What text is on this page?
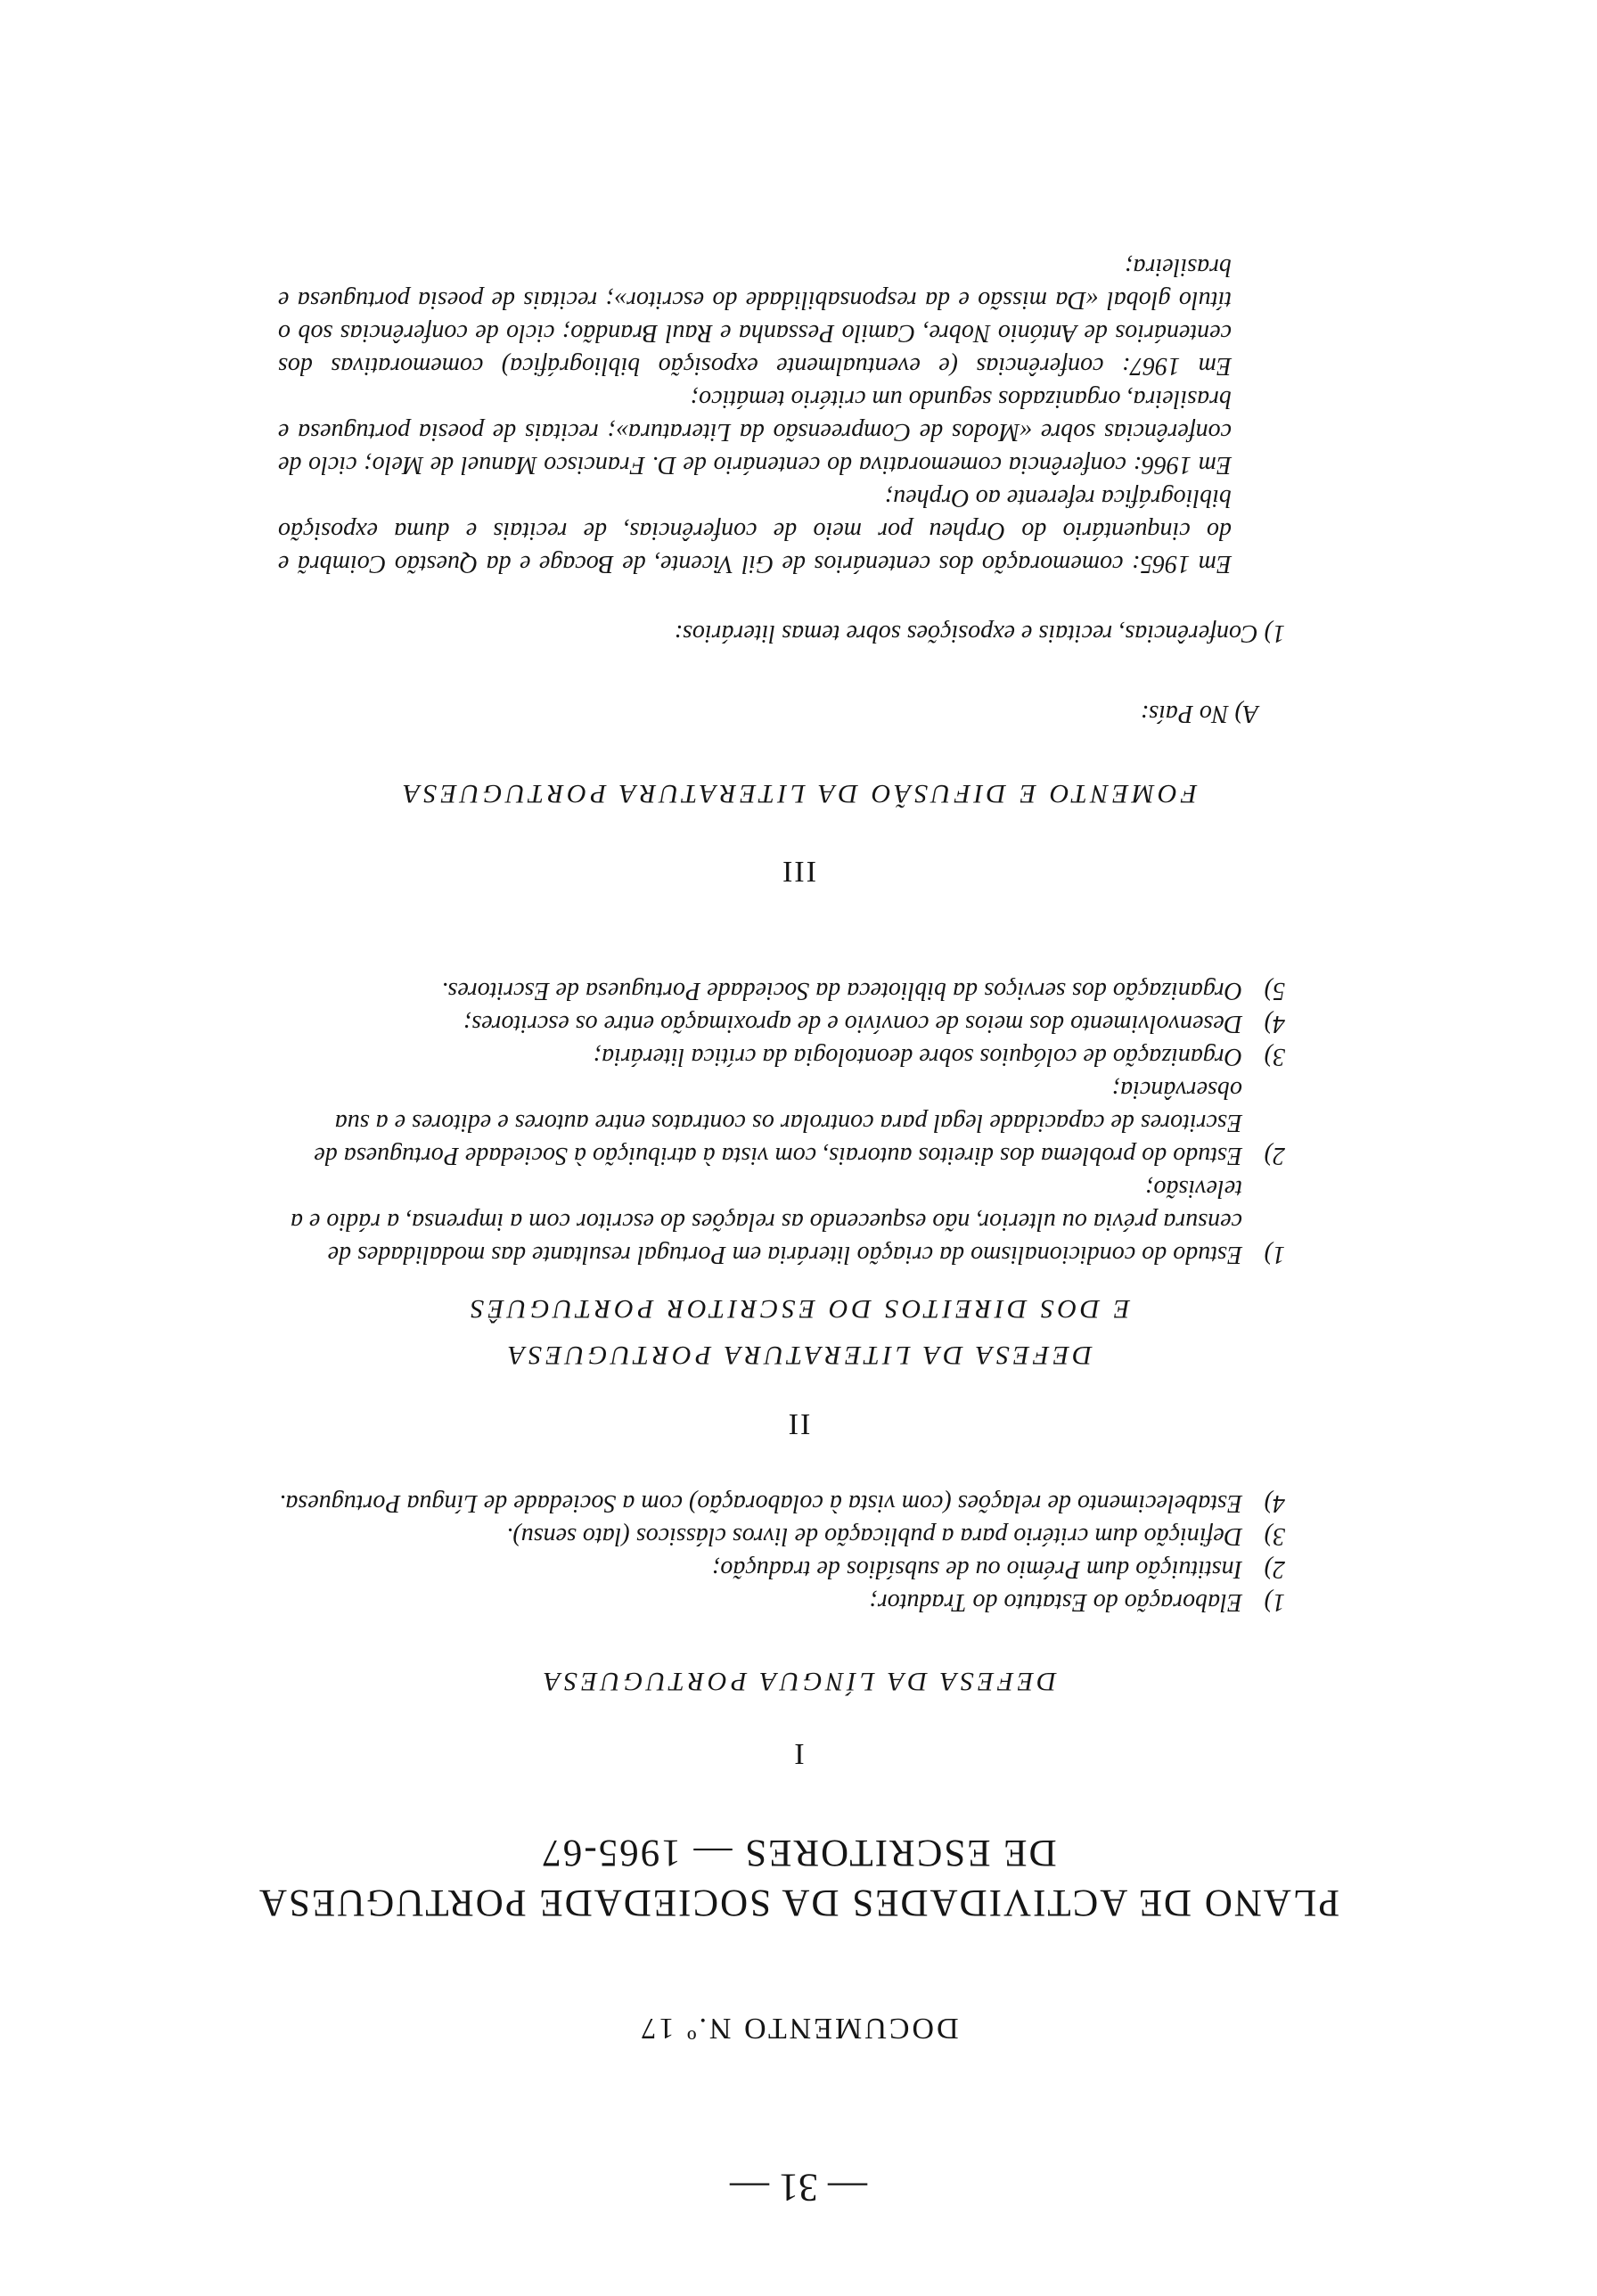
— 31 —
DOCUMENTO N.º 17
PLANO DE ACTIVIDADES DA SOCIEDADE PORTUGUESA
DE ESCRITORES — 1965-67
I
DEFESA DA LÍNGUA PORTUGUESA
1)
Elaboração do Estatuto do Tradutor;
2)
Instituição dum Prémio ou de subsídios de tradução;
3)
Definição dum critério para a publicação de livros clássicos (lato sensu).
4)
Estabelecimento de relações (com vista à colaboração) com a Sociedade de Língua Portuguesa.
II
DEFESA DA LITERATURA PORTUGUESA
E DOS DIREITOS DO ESCRITOR PORTUGUÊS
1)
Estudo do condicionalismo da criação literária em Portugal resultante das modalidades de censura prévia ou ulterior, não esquecendo as relações do escritor com a imprensa, a rádio e a televisão;
2)
Estudo do problema dos direitos autorais, com vista à atribuição à Sociedade Portuguesa de Escritores de capacidade legal para controlar os contratos entre autores e editores e a sua observância;
3)
Organização de colóquios sobre deontologia da crítica literária;
4)
Desenvolvimento dos meios de convívio e de aproximação entre os escritores;
5)
Organização dos serviços da biblioteca da Sociedade Portuguesa de Escritores.
III
FOMENTO E DIFUSÃO DA LITERATURA PORTUGUESA
A) No País:
1) Conferências, recitais e exposições sobre temas literários:
Em 1965: comemoração dos centenários de Gil Vicente, de Bocage e da Questão Coimbrã e do cinquentário do Orpheu por meio de conferências, de recitais e duma exposição bibliográfica referente ao Orpheu;
Em 1966: conferência comemorativa do centenário de D. Francisco Manuel de Melo; ciclo de conferências sobre «Modos de Compreensão da Literatura»; recitais de poesia portuguesa e brasileira, organizados segundo um critério temático;
Em 1967: conferências (e eventualmente exposição bibliográfica) comemorativas dos centenários de António Nobre, Camilo Pessanha e Raul Brandão; ciclo de conferências sob o título global «Da missão e da responsabilidade do escritor»; recitais de poesia portuguesa e brasileira;
